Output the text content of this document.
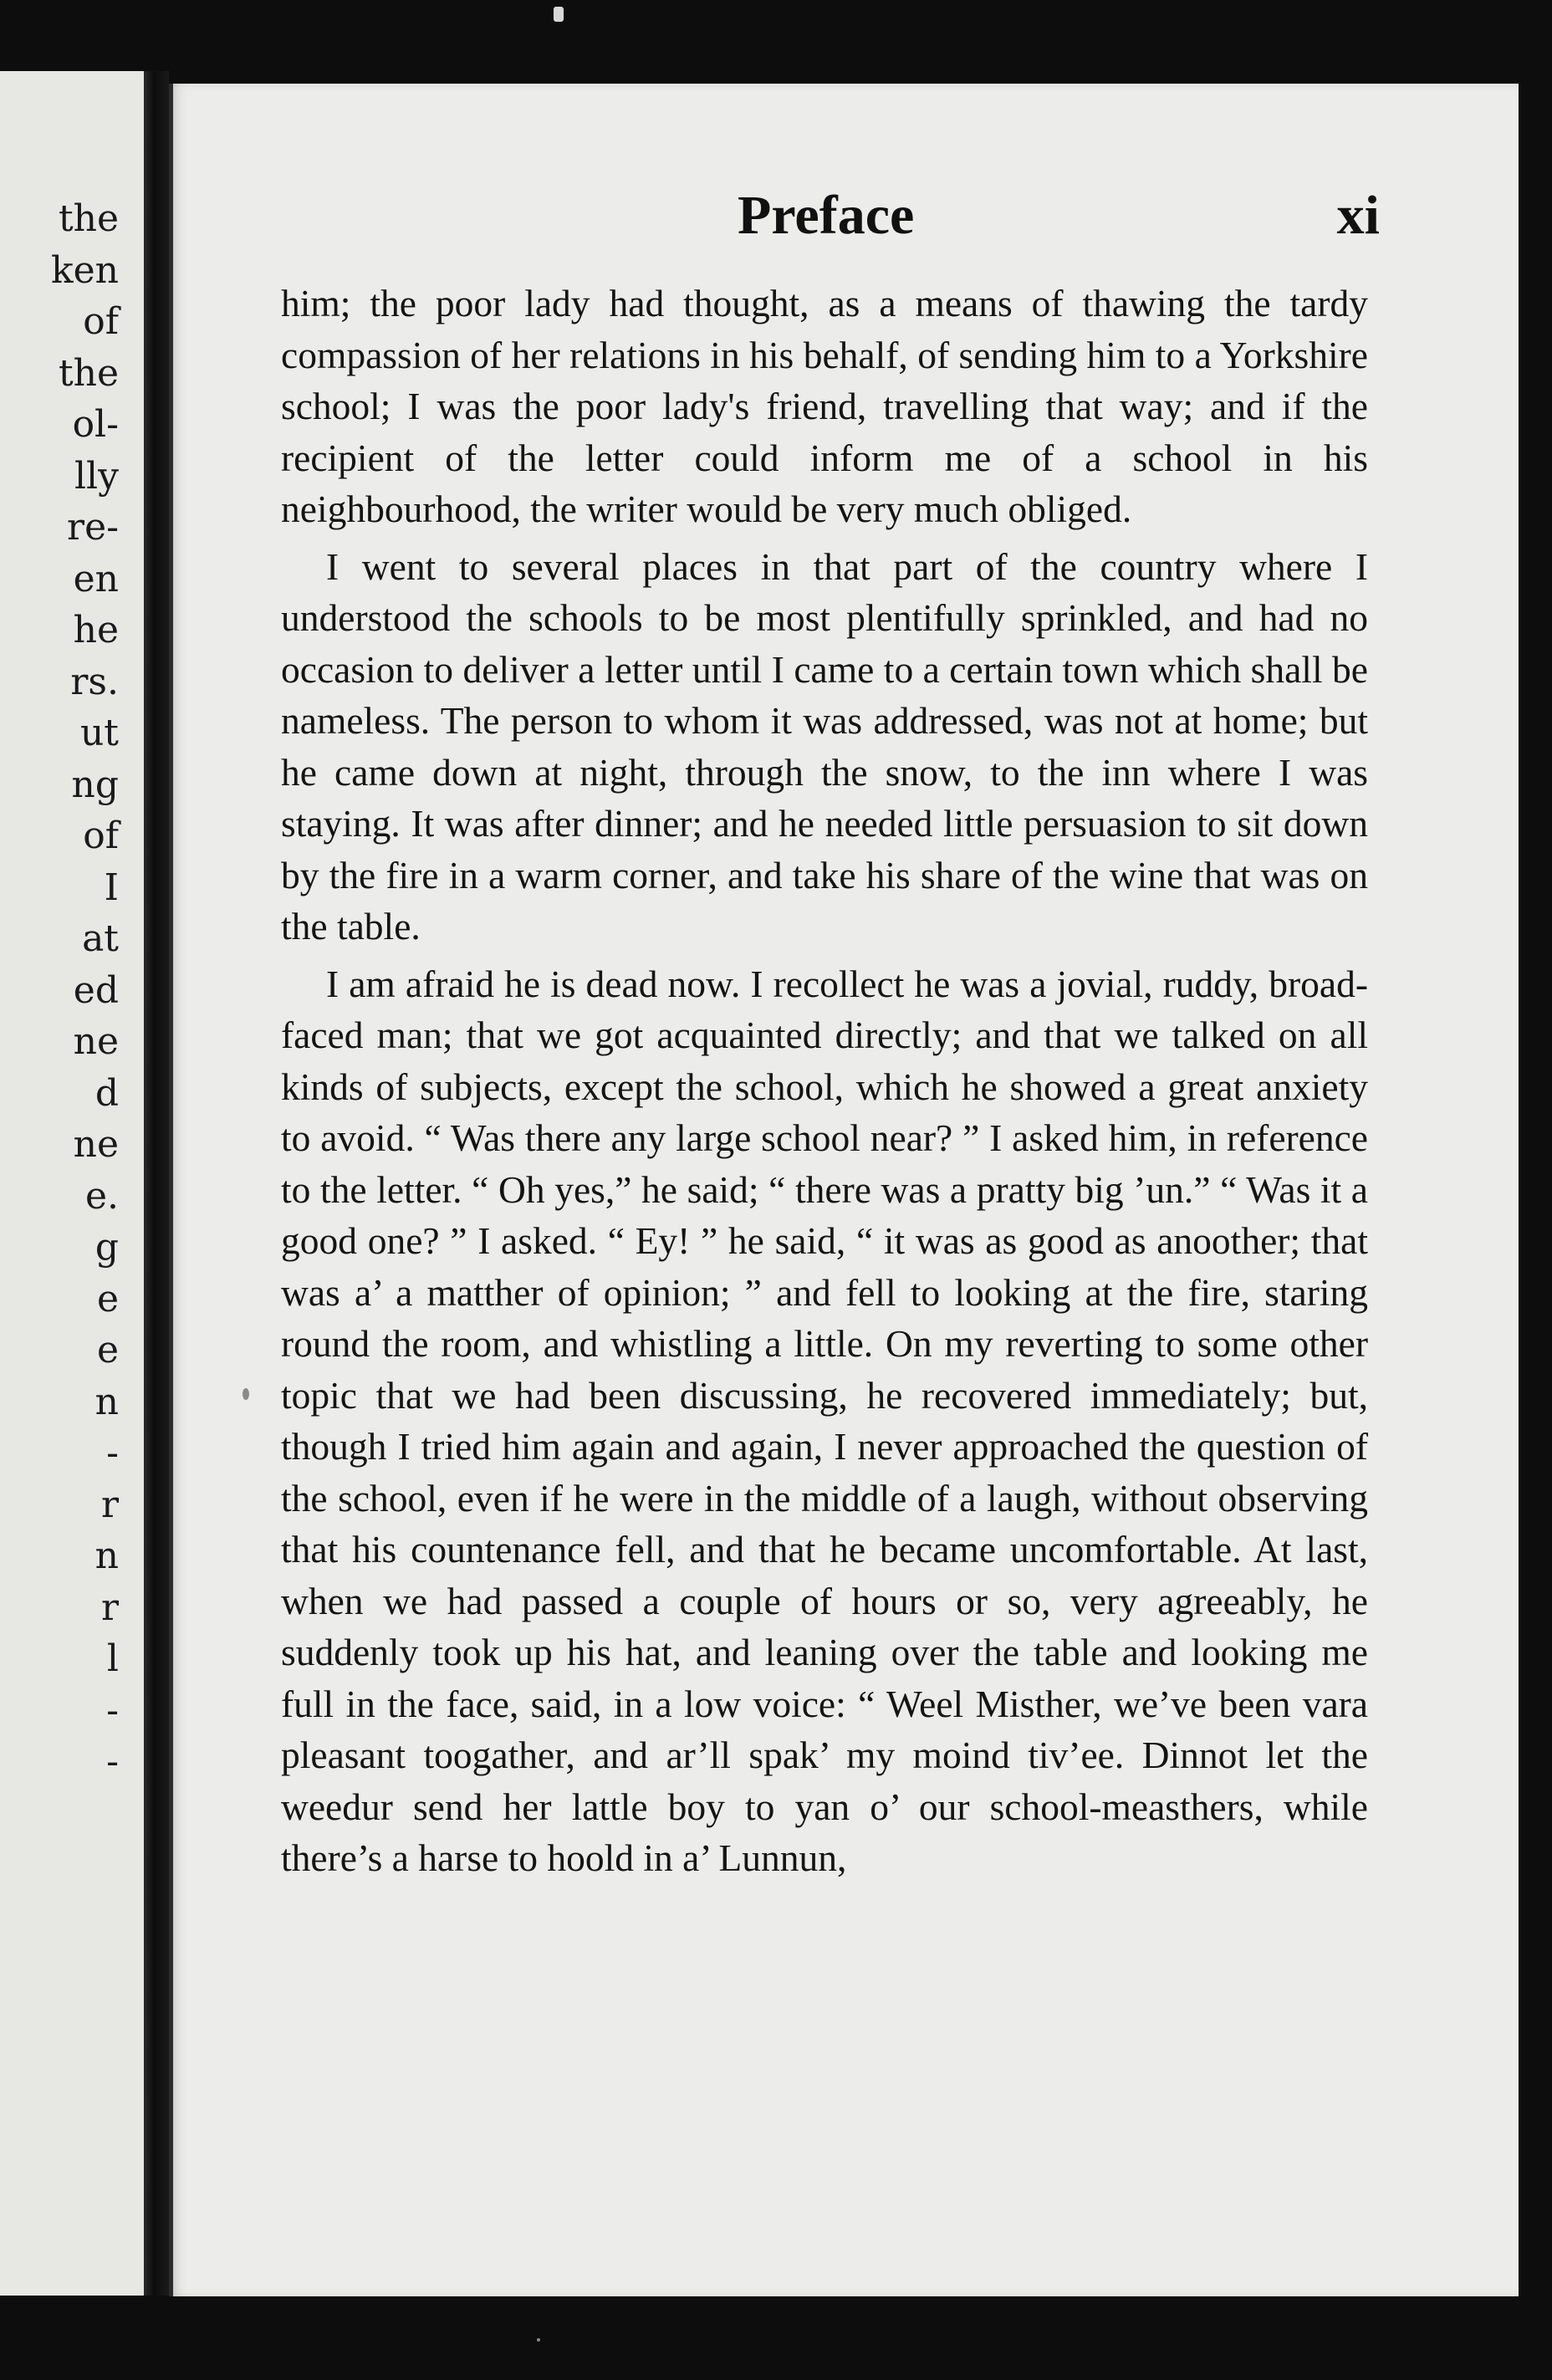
the
ken
of
the
ol-
lly
re-
en
he
rs.
ut
ng
of
I
at
ed
ne
d
ne
e.
g
e
e
n
-
r
n
r
l
-
-
Preface	xi

him; the poor lady had thought, as a means of thawing the tardy compassion of her relations in his behalf, of sending him to a Yorkshire school; I was the poor lady's friend, travelling that way; and if the recipient of the letter could inform me of a school in his neighbourhood, the writer would be very much obliged.

I went to several places in that part of the country where I understood the schools to be most plentifully sprinkled, and had no occasion to deliver a letter until I came to a certain town which shall be nameless. The person to whom it was addressed, was not at home; but he came down at night, through the snow, to the inn where I was staying. It was after dinner; and he needed little persuasion to sit down by the fire in a warm corner, and take his share of the wine that was on the table.

I am afraid he is dead now. I recollect he was a jovial, ruddy, broad-faced man; that we got acquainted directly; and that we talked on all kinds of subjects, except the school, which he showed a great anxiety to avoid. “ Was there any large school near? ” I asked him, in reference to the letter. “ Oh yes,” he said; “ there was a pratty big ’un.” “ Was it a good one? ” I asked. “ Ey! ” he said, “ it was as good as anoother; that was a’ a matther of opinion; ” and fell to looking at the fire, staring round the room, and whistling a little. On my reverting to some other topic that we had been discussing, he recovered immediately; but, though I tried him again and again, I never approached the question of the school, even if he were in the middle of a laugh, without observing that his countenance fell, and that he became uncomfortable. At last, when we had passed a couple of hours or so, very agreeably, he suddenly took up his hat, and leaning over the table and looking me full in the face, said, in a low voice: “ Weel Misther, we’ve been vara pleasant toogather, and ar’ll spak’ my moind tiv’ee. Dinnot let the weedur send her lattle boy to yan o’ our school-measthers, while there’s a harse to hoold in a’ Lunnun,
